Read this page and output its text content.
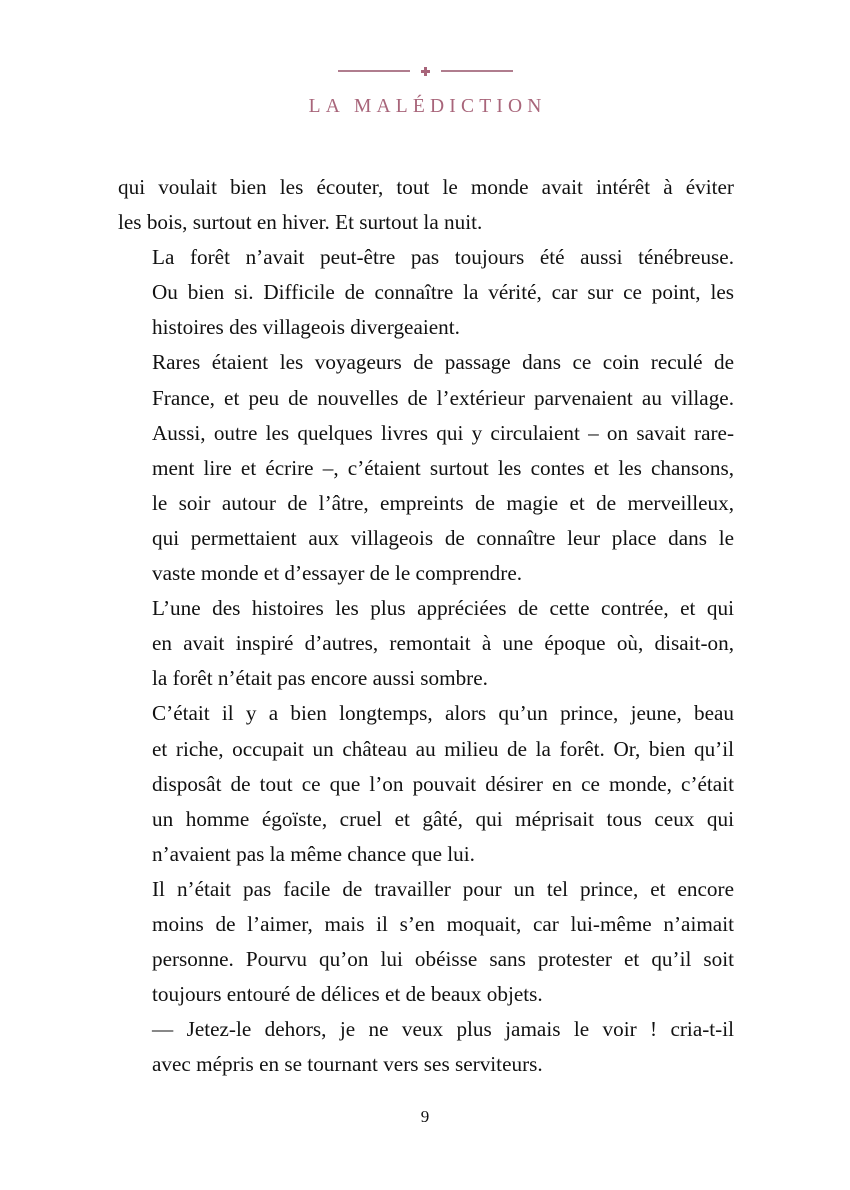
LA MALÉDICTION

qui voulait bien les écouter, tout le monde avait intérêt à éviter
les bois, surtout en hiver. Et surtout la nuit.

La forêt n’avait peut-être pas toujours été aussi ténébreuse.
Ou bien si. Difficile de connaître la vérité, car sur ce point, les
histoires des villageois divergeaient.

Rares étaient les voyageurs de passage dans ce coin reculé de
France, et peu de nouvelles de l’extérieur parvenaient au village.
Aussi, outre les quelques livres qui y circulaient – on savait rare-
ment lire et écrire –, c’étaient surtout les contes et les chansons,
le soir autour de l’âtre, empreints de magie et de merveilleux,
qui permettaient aux villageois de connaître leur place dans le
vaste monde et d’essayer de le comprendre.

L’une des histoires les plus appréciées de cette contrée, et qui
en avait inspiré d’autres, remontait à une époque où, disait-on,
la forêt n’était pas encore aussi sombre.

C’était il y a bien longtemps, alors qu’un prince, jeune, beau
et riche, occupait un château au milieu de la forêt. Or, bien qu’il
disposât de tout ce que l’on pouvait désirer en ce monde, c’était
un homme égoïste, cruel et gâté, qui méprisait tous ceux qui
n’avaient pas la même chance que lui.

Il n’était pas facile de travailler pour un tel prince, et encore
moins de l’aimer, mais il s’en moquait, car lui-même n’aimait
personne. Pourvu qu’on lui obéisse sans protester et qu’il soit
toujours entouré de délices et de beaux objets.

— Jetez-le dehors, je ne veux plus jamais le voir ! cria-t-il
avec mépris en se tournant vers ses serviteurs.

9
